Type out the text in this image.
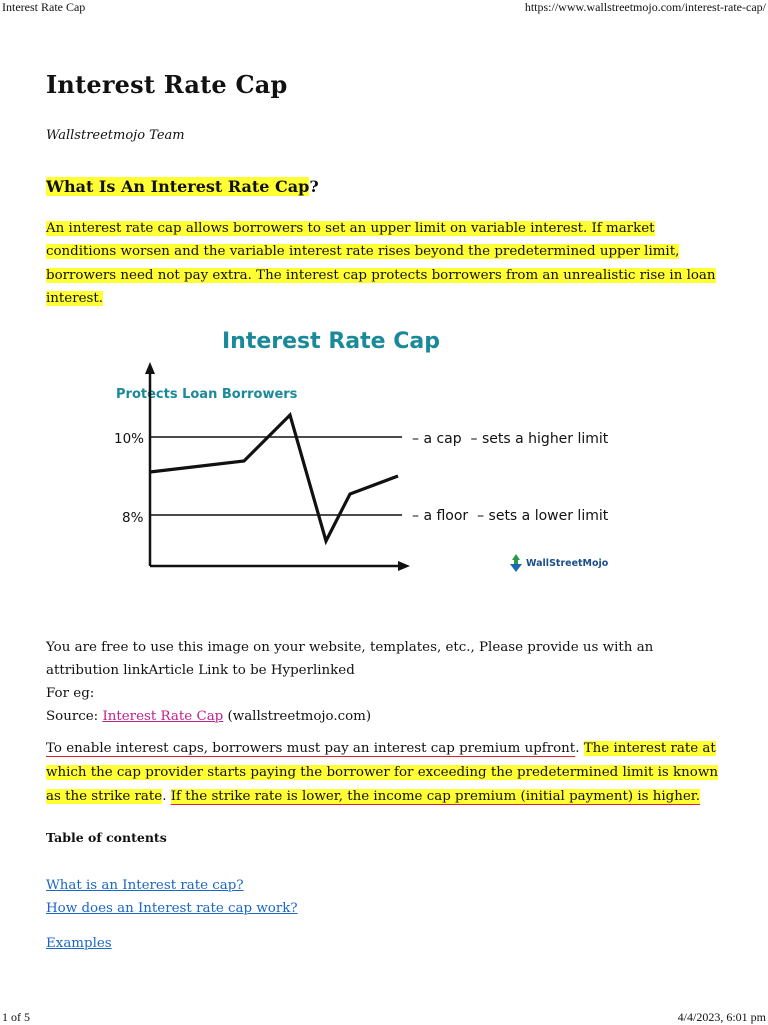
Interest Rate Cap	https://www.wallstreetmojo.com/interest-rate-cap/
Interest Rate Cap
Wallstreetmojo Team
What Is An Interest Rate Cap?

An interest rate cap allows borrowers to set an upper limit on variable interest. If market conditions worsen and the variable interest rate rises beyond the predetermined upper limit, borrowers need not pay extra. The interest cap protects borrowers from an unrealistic rise in loan interest.

Interest Rate Cap
Protects Loan Borrowers
10%
8%
– a cap  – sets a higher limit
– a floor  – sets a lower limit
WallStreetMojo

You are free to use this image on your website, templates, etc., Please provide us with an attribution linkArticle Link to be Hyperlinked
For eg:
Source: Interest Rate Cap (wallstreetmojo.com)

To enable interest caps, borrowers must pay an interest cap premium upfront. The interest rate at which the cap provider starts paying the borrower for exceeding the predetermined limit is known as the strike rate. If the strike rate is lower, the income cap premium (initial payment) is higher.

Table of contents
What is an Interest rate cap?
How does an Interest rate cap work?
Examples
1 of 5	4/4/2023, 6:01 pm
